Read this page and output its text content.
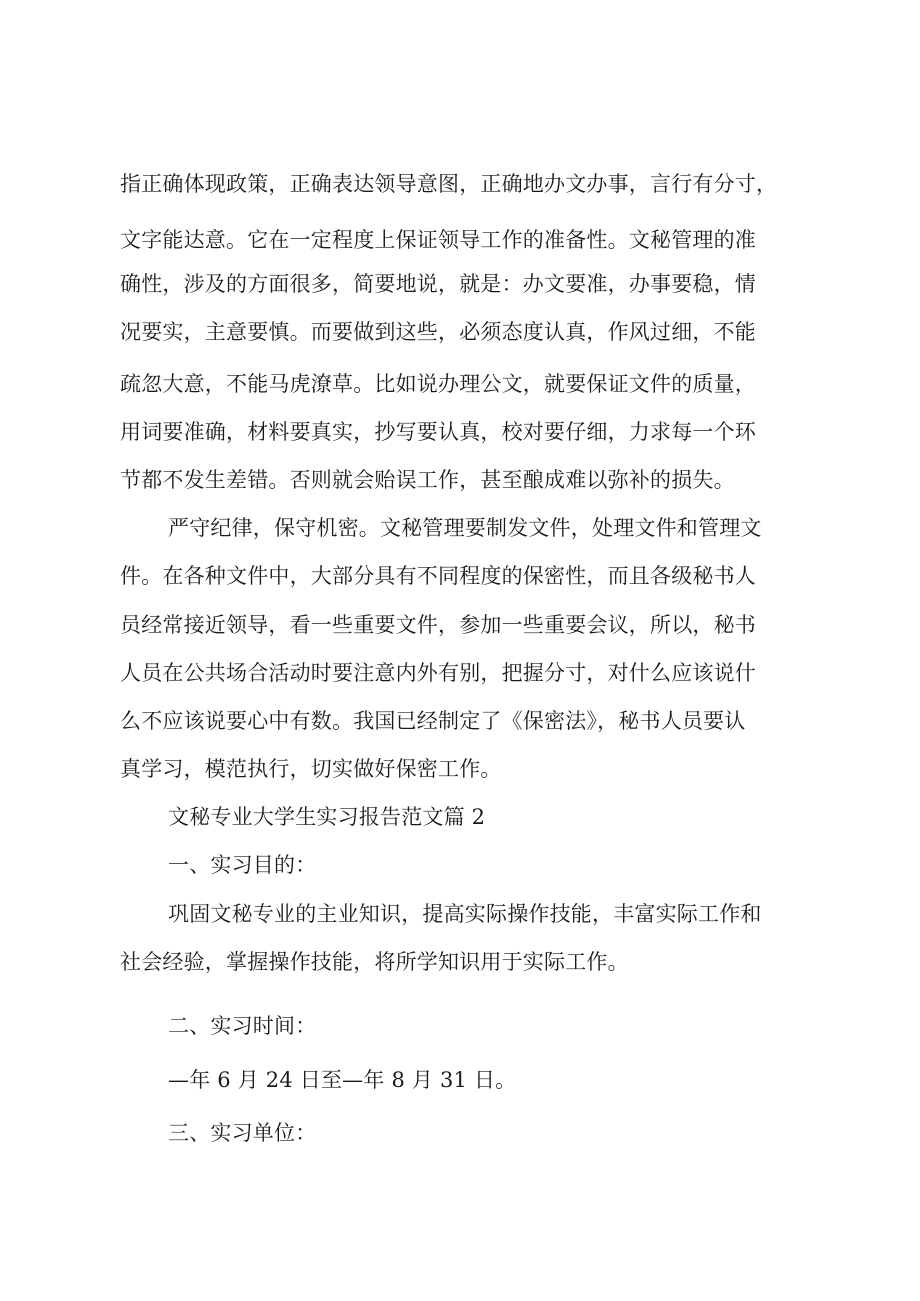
指正确体现政策，正确表达领导意图，正确地办文办事，言行有分寸，
文字能达意。它在一定程度上保证领导工作的准备性。文秘管理的准
确性，涉及的方面很多，简要地说，就是：办文要准，办事要稳，情
况要实，主意要慎。而要做到这些，必须态度认真，作风过细，不能
疏忽大意，不能马虎潦草。比如说办理公文，就要保证文件的质量，
用词要准确，材料要真实，抄写要认真，校对要仔细，力求每一个环
节都不发生差错。否则就会贻误工作，甚至酿成难以弥补的损失。
严守纪律，保守机密。文秘管理要制发文件，处理文件和管理文
件。在各种文件中，大部分具有不同程度的保密性，而且各级秘书人
员经常接近领导，看一些重要文件，参加一些重要会议，所以，秘书
人员在公共场合活动时要注意内外有别，把握分寸，对什么应该说什
么不应该说要心中有数。我国已经制定了《保密法》，秘书人员要认
真学习，模范执行，切实做好保密工作。
文秘专业大学生实习报告范文篇 2
一、实习目的：
巩固文秘专业的主业知识，提高实际操作技能，丰富实际工作和
社会经验，掌握操作技能，将所学知识用于实际工作。
二、实习时间：
—年 6 月 24 日至—年 8 月 31 日。
三、实习单位：
